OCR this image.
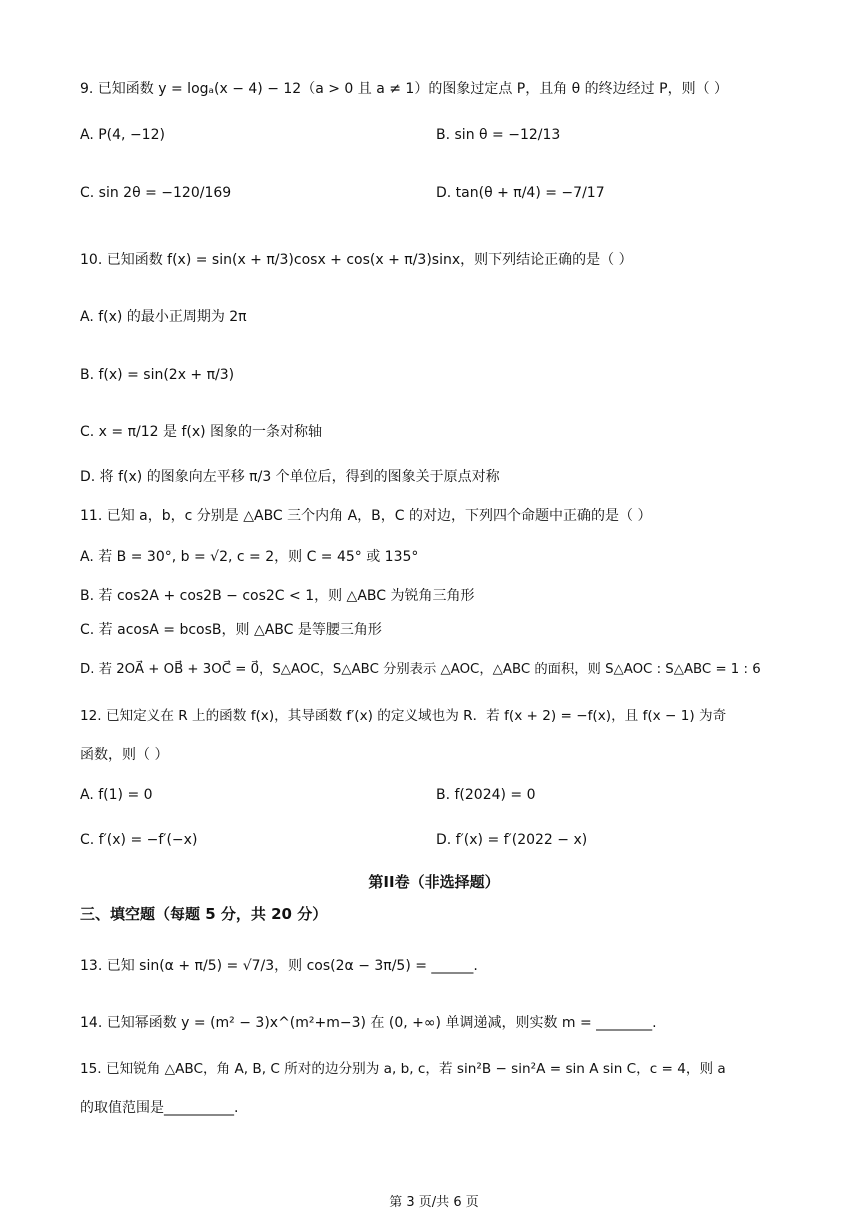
9. 已知函数 y = logₐ(x − 4) − 12（a > 0 且 a ≠ 1）的图象过定点 P，且角 θ 的终边经过 P，则（ ）
A. P(4, −12)	B. sin θ = −12/13
C. sin 2θ = −120/169	D. tan(θ + π/4) = −7/17
10. 已知函数 f(x) = sin(x + π/3)cosx + cos(x + π/3)sinx，则下列结论正确的是（ ）
A. f(x) 的最小正周期为 2π
B. f(x) = sin(2x + π/3)
C. x = π/12 是 f(x) 图象的一条对称轴
D. 将 f(x) 的图象向左平移 π/3 个单位后，得到的图象关于原点对称
11. 已知 a，b，c 分别是 △ABC 三个内角 A，B，C 的对边，下列四个命题中正确的是（ ）
A. 若 B = 30°, b = √2, c = 2，则 C = 45° 或 135°
B. 若 cos2A + cos2B − cos2C < 1，则 △ABC 为锐角三角形
C. 若 acosA = bcosB，则 △ABC 是等腰三角形
D. 若 2OA⃗ + OB⃗ + 3OC⃗ = 0⃗，S△AOC，S△ABC 分别表示 △AOC，△ABC 的面积，则 S△AOC : S△ABC = 1 : 6
12. 已知定义在 R 上的函数 f(x)，其导函数 f′(x) 的定义域也为 R．若 f(x + 2) = −f(x)，且 f(x − 1) 为奇
函数，则（ ）
A. f(1) = 0	B. f(2024) = 0
C. f′(x) = −f′(−x)	D. f′(x) = f′(2022 − x)
第II卷（非选择题）
三、填空题（每题 5 分，共 20 分）
13. 已知 sin(α + π/5) = √7/3，则 cos(2α − 3π/5) = ______.
14. 已知幂函数 y = (m² − 3)x^(m²+m−3) 在 (0, +∞) 单调递减，则实数 m = ________.
15. 已知锐角 △ABC，角 A, B, C 所对的边分别为 a, b, c，若 sin²B − sin²A = sin A sin C，c = 4，则 a
的取值范围是__________.
第 3 页/共 6 页
